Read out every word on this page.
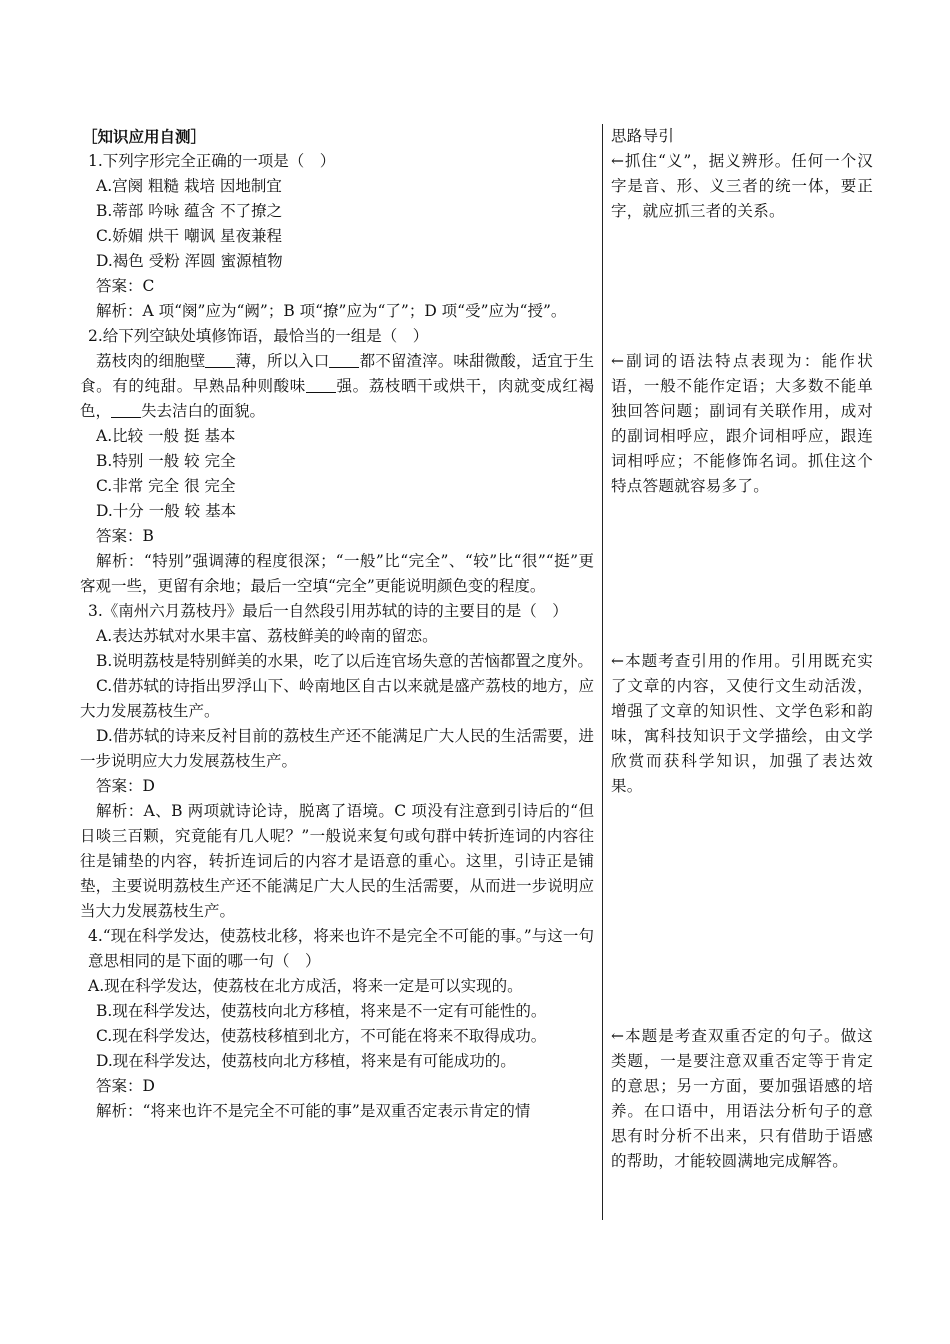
［知识应用自测］
1.下列字形完全正确的一项是（　）
A.宫阕 粗糙 栽培 因地制宜
B.蒂部 吟咏 蕴含 不了撩之
C.娇媚 烘干 嘲讽 星夜兼程
D.褐色 受粉 浑圆 蜜源植物
答案：C
解析：A 项“阕”应为“阙”；B 项“撩”应为“了”；D 项“受”应为“授”。
2.给下列空缺处填修饰语，最恰当的一组是（　）
荔枝肉的细胞壁 薄，所以入口 都不留渣滓。味甜微酸，适宜于生食。有的纯甜。早熟品种则酸味 强。荔枝晒干或烘干，肉就变成红褐色， 失去洁白的面貌。
A.比较 一般 挺 基本
B.特别 一般 较 完全
C.非常 完全 很 完全
D.十分 一般 较 基本
答案：B
解析：“特别”强调薄的程度很深；“一般”比“完全”、“较”比“很”“挺”更客观一些，更留有余地；最后一空填“完全”更能说明颜色变的程度。
3.《南州六月荔枝丹》最后一自然段引用苏轼的诗的主要目的是（　）
A.表达苏轼对水果丰富、荔枝鲜美的岭南的留恋。
B.说明荔枝是特别鲜美的水果，吃了以后连官场失意的苦恼都置之度外。
C.借苏轼的诗指出罗浮山下、岭南地区自古以来就是盛产荔枝的地方，应大力发展荔枝生产。
D.借苏轼的诗来反衬目前的荔枝生产还不能满足广大人民的生活需要，进一步说明应大力发展荔枝生产。
答案：D
解析：A、B 两项就诗论诗，脱离了语境。C 项没有注意到引诗后的“但日啖三百颗，究竟能有几人呢？”一般说来复句或句群中转折连词的内容往往是铺垫的内容，转折连词后的内容才是语意的重心。这里，引诗正是铺垫，主要说明荔枝生产还不能满足广大人民的生活需要，从而进一步说明应当大力发展荔枝生产。
4.“现在科学发达，使荔枝北移，将来也许不是完全不可能的事。”与这一句意思相同的是下面的哪一句（　）
A.现在科学发达，使荔枝在北方成活，将来一定是可以实现的。
B.现在科学发达，使荔枝向北方移植，将来是不一定有可能性的。
C.现在科学发达，使荔枝移植到北方，不可能在将来不取得成功。
D.现在科学发达，使荔枝向北方移植，将来是有可能成功的。
答案：D
解析：“将来也许不是完全不可能的事”是双重否定表示肯定的情
思路导引
←抓住“义”，据义辨形。任何一个汉字是音、形、义三者的统一体，要正字，就应抓三者的关系。
←副词的语法特点表现为：能作状语，一般不能作定语；大多数不能单独回答问题；副词有关联作用，成对的副词相呼应，跟介词相呼应，跟连词相呼应；不能修饰名词。抓住这个特点答题就容易多了。
←本题考查引用的作用。引用既充实了文章的内容，又使行文生动活泼，增强了文章的知识性、文学色彩和韵味，寓科技知识于文学描绘，由文学欣赏而获科学知识，加强了表达效果。
←本题是考查双重否定的句子。做这类题，一是要注意双重否定等于肯定的意思；另一方面，要加强语感的培养。在口语中，用语法分析句子的意思有时分析不出来，只有借助于语感的帮助，才能较圆满地完成解答。
